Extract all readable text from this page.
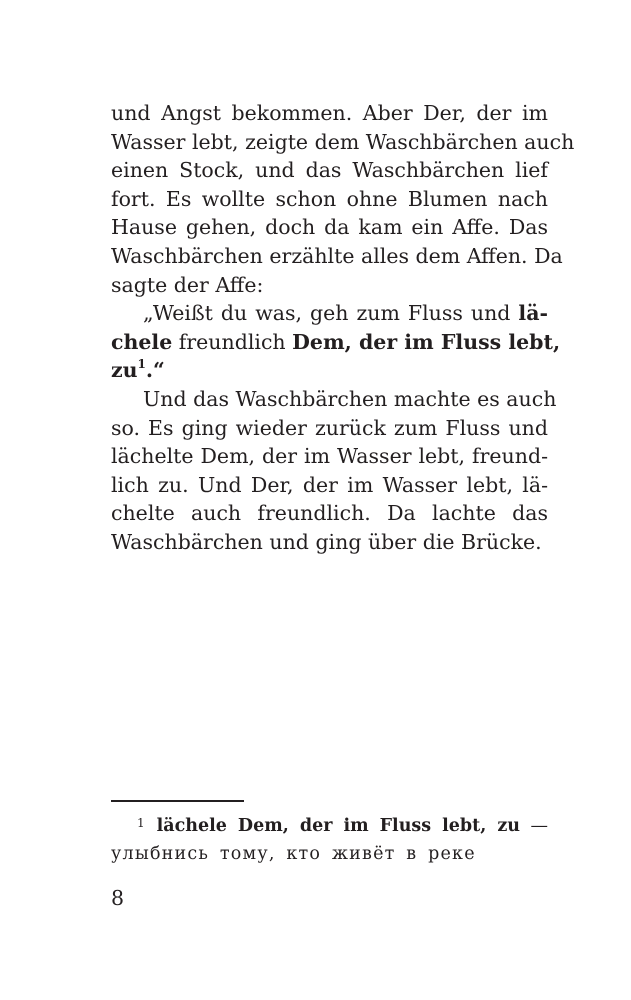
und Angst bekommen. Aber Der, der im
Wasser lebt, zeigte dem Waschbärchen auch
einen Stock, und das Waschbärchen lief
fort. Es wollte schon ohne Blumen nach
Hause gehen, doch da kam ein Affe. Das
Waschbärchen erzählte alles dem Affen. Da
sagte der Affe:

„Weißt du was, geh zum Fluss und lä-
chele freundlich Dem, der im Fluss lebt,
$zu^1.“$

Und das Waschbärchen machte es auch
so. Es ging wieder zurück zum Fluss und
lächelte Dem, der im Wasser lebt, freund-
lich zu. Und Der, der im Wasser lebt, lä-
chelte auch freundlich. Da lachte das
Waschbärchen und ging über die Brücke.

$^1$ lächele Dem, der im Fluss lebt, zu —
улыбнись тому, кто живёт в реке
8
